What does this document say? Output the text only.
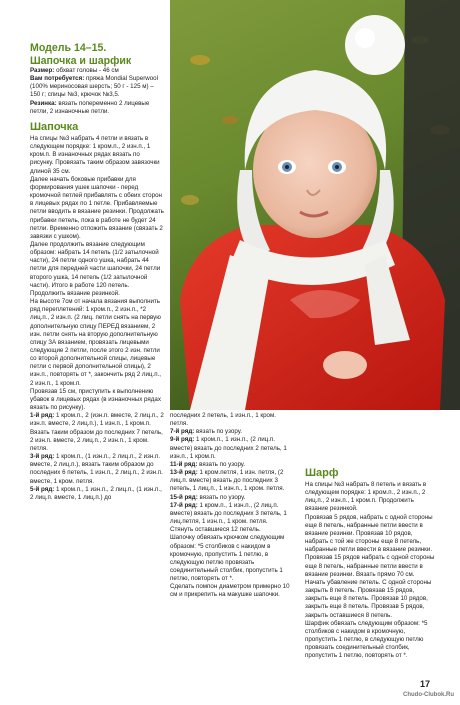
Модель 14–15.
Шапочка и шарфик

Размер: обхват головы - 46 см

Вам потребуется: пряжа Mondial Superwool (100% мериносовая шерсть; 50 г - 125 м) – 150 г; спицы №3, крючок №3,5.

Резинка: вязать попеременно 2 лицевые петли, 2 изнаночные петли.

Шапочка

На спицы №3 набрать 4 петли и вязать в следующем порядке: 1 кром.п., 2 изн.п., 1 кром.п. В изнаночных рядах вязать по рисунку. Провязать таким образом завязочки длиной 35 см.

Далее начать боковые прибавки для формирования ушек шапочки - перед кромочной петлей прибавлять с обеих сторон в лицевых рядах по 1 петле. Прибавляемые петли вводить в вязание резинки. Продолжать прибавки петель, пока в работе не будет 24 петли. Временно отложить вязание (связать 2 завязки с ушком).

Далее продолжить вязание следующим образом: набрать 14 петель (1/2 затылочной части), 24 петли одного ушка, набрать 44 петли для передней части шапочки, 24 петли второго ушка, 14 петель (1/2 затылочной части). Итого в работе 120 петель. Продолжить вязание резинкой.

На высоте 7см от начала вязания выполнить ряд переплетений: 1 кром.п., 2 изн.п., *2 лиц.п., 2 изн.п. (2 лиц. петли снять на первую дополнительную спицу ПЕРЕД вязанием, 2 изн. петли снять на вторую дополнительную спицу ЗА вязанием, провязать лицевыми следующие 2 петли, после этого 2 изн. петли со второй дополнительной спицы, лицевые петли с первой дополнительной спицы), 2 изн.п., повторять от *, закончить ряд 2 лиц.п., 2 изн.п., 1 кром.п.

Провязав 15 см, приступить к выполнению убавок в лицевых рядах (в изнаночных рядах вязать по рисунку).

1-й ряд: 1 кром.п., 2 (изн.п. вместе, 2 лиц.п., 2 изн.п. вместе, 2 лиц.п.), 1 изн.п., 1 кром.п. Вязать таким образом до последних 7 петель, 2 изн.п. вместе, 2 лиц.п., 2 изн.п., 1 кром. петля.

3-й ряд: 1 кром.п., (1 изн.п., 2 лиц.п., 2 изн.п. вместе, 2 лиц.п.), вязать таким образом до последних 6 петель, 1 изн.п., 2 лиц.п., 2 изн.п. вместе, 1 кром. петля.

5-й ряд: 1 кром.п., 1 изн.п., 2 лиц.п., (1 изн.п., 2 лиц.п. вместе, 1 лиц.п.) до

последних 2 петель, 1 изн.п., 1 кром. петля.

7-й ряд: вязать по узору.

9-й ряд: 1 кром.п., 1 изн.п., (2 лиц.п. вместе) вязать до последних 2 петель, 1 изн.п., 1 кром.п.

11-й ряд: вязать по узору.

13-й ряд: 1 кром.петля, 1 изн. петля, (2 лиц.п. вместе) вязать до последних 3 петель, 1 лиц.п., 1 изн.п., 1 кром. петля.

15-й ряд: вязать по узору.

17-й ряд: 1 кром.п., 1 изн.п., (2 лиц.п. вместе) вязать до последних 3 петель, 1 лиц.петля, 1 изн.п., 1 кром. петля.

Стянуть оставшиеся 12 петель.

Шапочку обвязать крючком следующим образом: *5 столбиков с накидом в кромочную, пропустить 1 петлю, в следующую петлю провязать соединительный столбик, пропустить 1 петлю, повторять от *.

Сделать помпон диаметром примерно 10 см и прикрепить на макушке шапочки.

Шарф

На спицы №3 набрать 8 петель и вязать в следующем порядке: 1 кром.п., 2 изн.п., 2 лиц.п., 2 изн.п., 1 кром.п. Продолжить вязание резинкой.

Провязав 5 рядов, набрать с одной стороны еще 8 петель, набранные петли ввести в вязание резинки. Провязав 10 рядов, набрать с той же стороны еще 8 петель, набранные петли ввести в вязание резинки. Провязав 15 рядов набрать с одной стороны еще 8 петель, набранные петли ввести в вязание резинки. Вязать прямо 70 см. Начать убавление петель. С одной стороны закрыть 8 петель. Провязав 15 рядов, закрыть еще 8 петель. Провязав 10 рядов, закрыть еще 8 петель. Провязав 5 рядов, закрыть оставшиеся 8 петель.

Шарфик обвязать следующим образом: *5 столбиков с накидом в кромочную, пропустить 1 петлю, в следующую петлю провязать соединительный столбик, пропустить 1 петлю, повторять от *.

17
Chudo-Clubok.Ru
